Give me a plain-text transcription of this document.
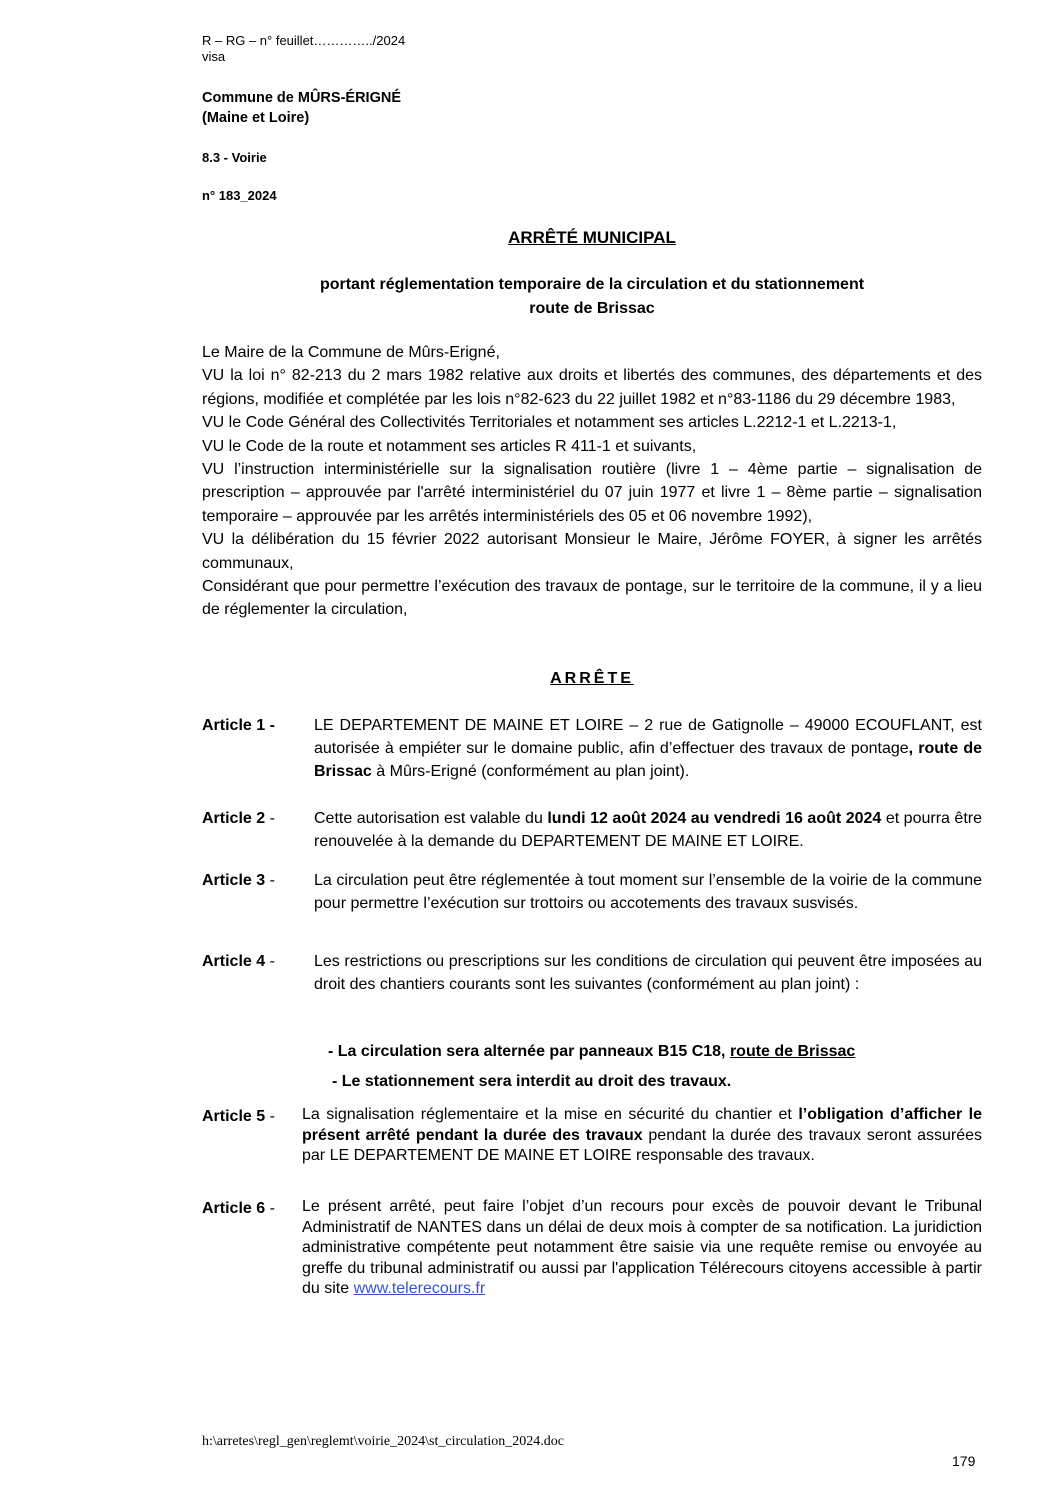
R – RG – n° feuillet…………../2024
visa
Commune de MÛRS-ÉRIGNÉ
(Maine et Loire)
8.3 - Voirie
n° 183_2024
ARRÊTÉ MUNICIPAL
portant réglementation temporaire de la circulation et du stationnement
route de Brissac

Le Maire de la Commune de Mûrs-Erigné,

VU la loi n° 82-213 du 2 mars 1982 relative aux droits et libertés des communes, des départements et des régions, modifiée et complétée par les lois n°82-623 du 22 juillet 1982 et n°83-1186 du 29 décembre 1983,

VU le Code Général des Collectivités Territoriales et notamment ses articles L.2212-1 et L.2213-1,

VU le Code de la route et notamment ses articles R 411-1 et suivants,

VU l’instruction interministérielle sur la signalisation routière (livre 1 – 4ème partie – signalisation de prescription – approuvée par l'arrêté interministériel du 07 juin 1977 et livre 1 – 8ème partie – signalisation temporaire – approuvée par les arrêtés interministériels des 05 et 06 novembre 1992),

VU la délibération du 15 février 2022 autorisant Monsieur le Maire, Jérôme FOYER, à signer les arrêtés communaux,

Considérant que pour permettre l’exécution des travaux de pontage, sur le territoire de la commune, il y a lieu de réglementer la circulation,

ARRÊTE
Article 1 - LE DEPARTEMENT DE MAINE ET LOIRE – 2 rue de Gatignolle – 49000 ECOUFLANT, est autorisée à empiéter sur le domaine public, afin d’effectuer des travaux de pontage, route de Brissac à Mûrs-Erigné (conformément au plan joint).
Article 2 - Cette autorisation est valable du lundi 12 août 2024 au vendredi 16 août 2024 et pourra être renouvelée à la demande du DEPARTEMENT DE MAINE ET LOIRE.
Article 3 - La circulation peut être réglementée à tout moment sur l’ensemble de la voirie de la commune pour permettre l’exécution sur trottoirs ou accotements des travaux susvisés.
Article 4 - Les restrictions ou prescriptions sur les conditions de circulation qui peuvent être imposées au droit des chantiers courants sont les suivantes (conformément au plan joint) :
- La circulation sera alternée par panneaux B15 C18, route de Brissac
- Le stationnement sera interdit au droit des travaux.
Article 5 - La signalisation réglementaire et la mise en sécurité du chantier et l’obligation d’afficher le présent arrêté pendant la durée des travaux pendant la durée des travaux seront assurées par LE DEPARTEMENT DE MAINE ET LOIRE responsable des travaux.
Article 6 - Le présent arrêté, peut faire l’objet d’un recours pour excès de pouvoir devant le Tribunal Administratif de NANTES dans un délai de deux mois à compter de sa notification. La juridiction administrative compétente peut notamment être saisie via une requête remise ou envoyée au greffe du tribunal administratif ou aussi par l'application Télérecours citoyens accessible à partir du site www.telerecours.fr
h:\arretes\regl_gen\reglemt\voirie_2024\st_circulation_2024.doc
179
